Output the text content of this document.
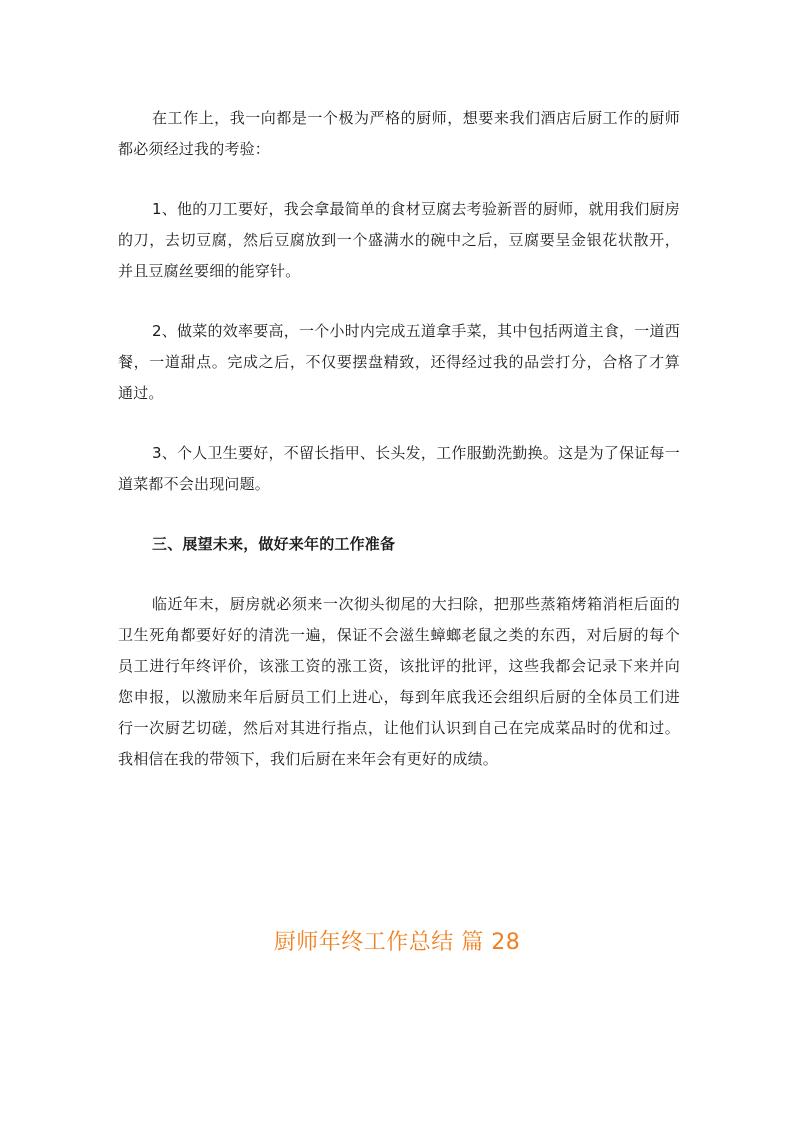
在工作上，我一向都是一个极为严格的厨师，想要来我们酒店后厨工作的厨师都必须经过我的考验：

1、他的刀工要好，我会拿最简单的食材豆腐去考验新晋的厨师，就用我们厨房的刀，去切豆腐，然后豆腐放到一个盛满水的碗中之后，豆腐要呈金银花状散开，并且豆腐丝要细的能穿针。

2、做菜的效率要高，一个小时内完成五道拿手菜，其中包括两道主食，一道西餐，一道甜点。完成之后，不仅要摆盘精致，还得经过我的品尝打分，合格了才算通过。

3、个人卫生要好，不留长指甲、长头发，工作服勤洗勤换。这是为了保证每一道菜都不会出现问题。

三、展望未来，做好来年的工作准备

临近年末，厨房就必须来一次彻头彻尾的大扫除，把那些蒸箱烤箱消柜后面的卫生死角都要好好的清洗一遍，保证不会滋生蟑螂老鼠之类的东西，对后厨的每个员工进行年终评价，该涨工资的涨工资，该批评的批评，这些我都会记录下来并向您申报，以激励来年后厨员工们上进心，每到年底我还会组织后厨的全体员工们进行一次厨艺切磋，然后对其进行指点，让他们认识到自己在完成菜品时的优和过。我相信在我的带领下，我们后厨在来年会有更好的成绩。

厨师年终工作总结 篇 28
